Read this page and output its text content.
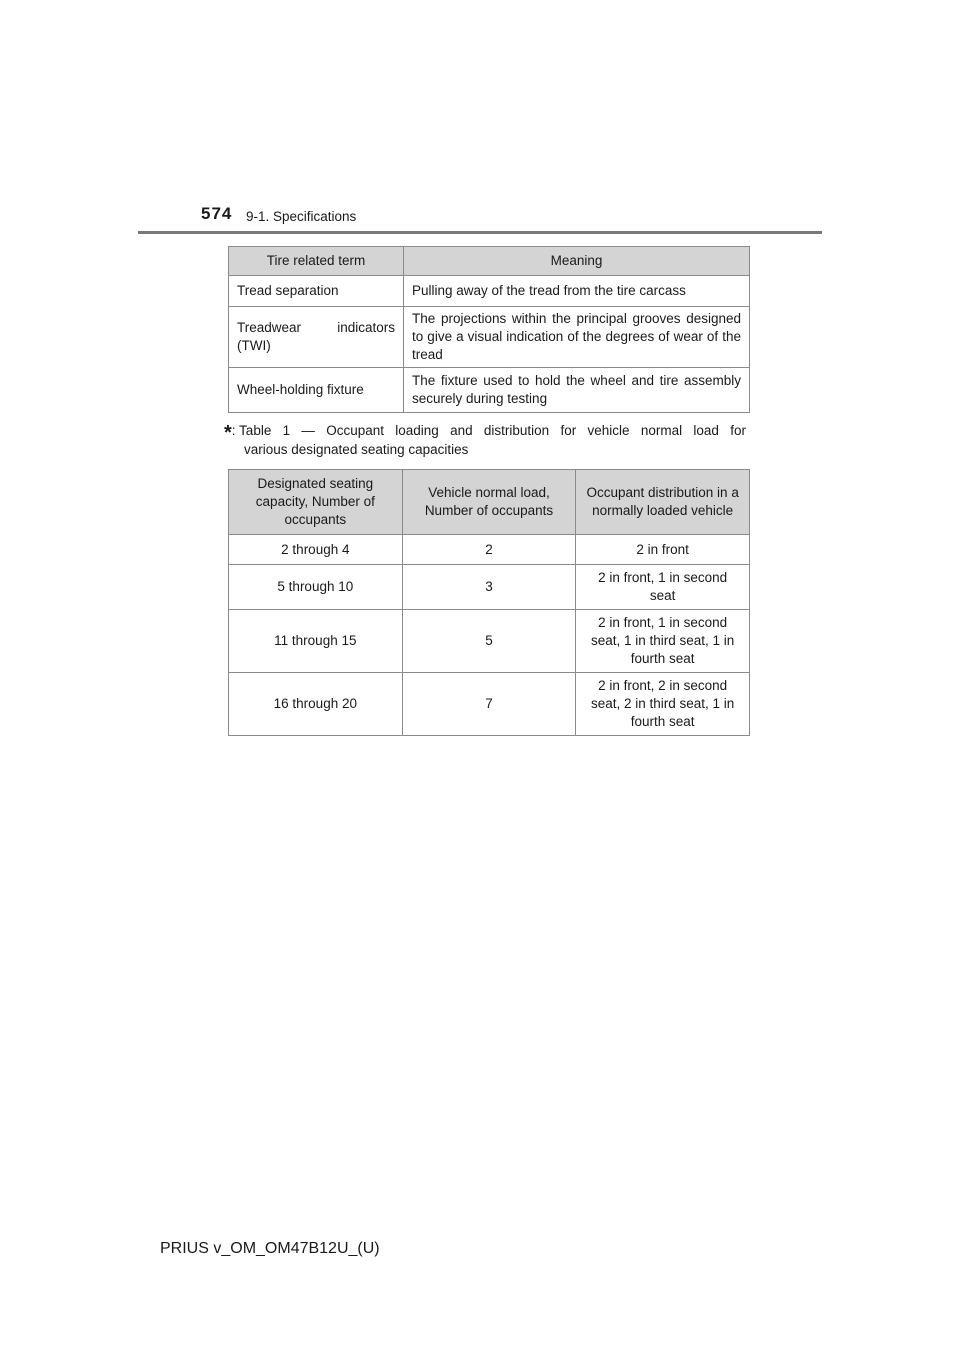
574 9-1. Specifications
Tire related term	Meaning
Tread separation	Pulling away of the tread from the tire carcass
Treadwear indicators (TWI)	The projections within the principal grooves designed to give a visual indication of the degrees of wear of the tread
Wheel-holding fixture	The fixture used to hold the wheel and tire assembly securely during testing
*: Table 1 — Occupant loading and distribution for vehicle normal load for
various designated seating capacities
Designated seating capacity, Number of occupants	Vehicle normal load, Number of occupants	Occupant distribution in a normally loaded vehicle
2 through 4	2	2 in front
5 through 10	3	2 in front, 1 in second seat
11 through 15	5	2 in front, 1 in second seat, 1 in third seat, 1 in fourth seat
16 through 20	7	2 in front, 2 in second seat, 2 in third seat, 1 in fourth seat
PRIUS v_OM_OM47B12U_(U)
